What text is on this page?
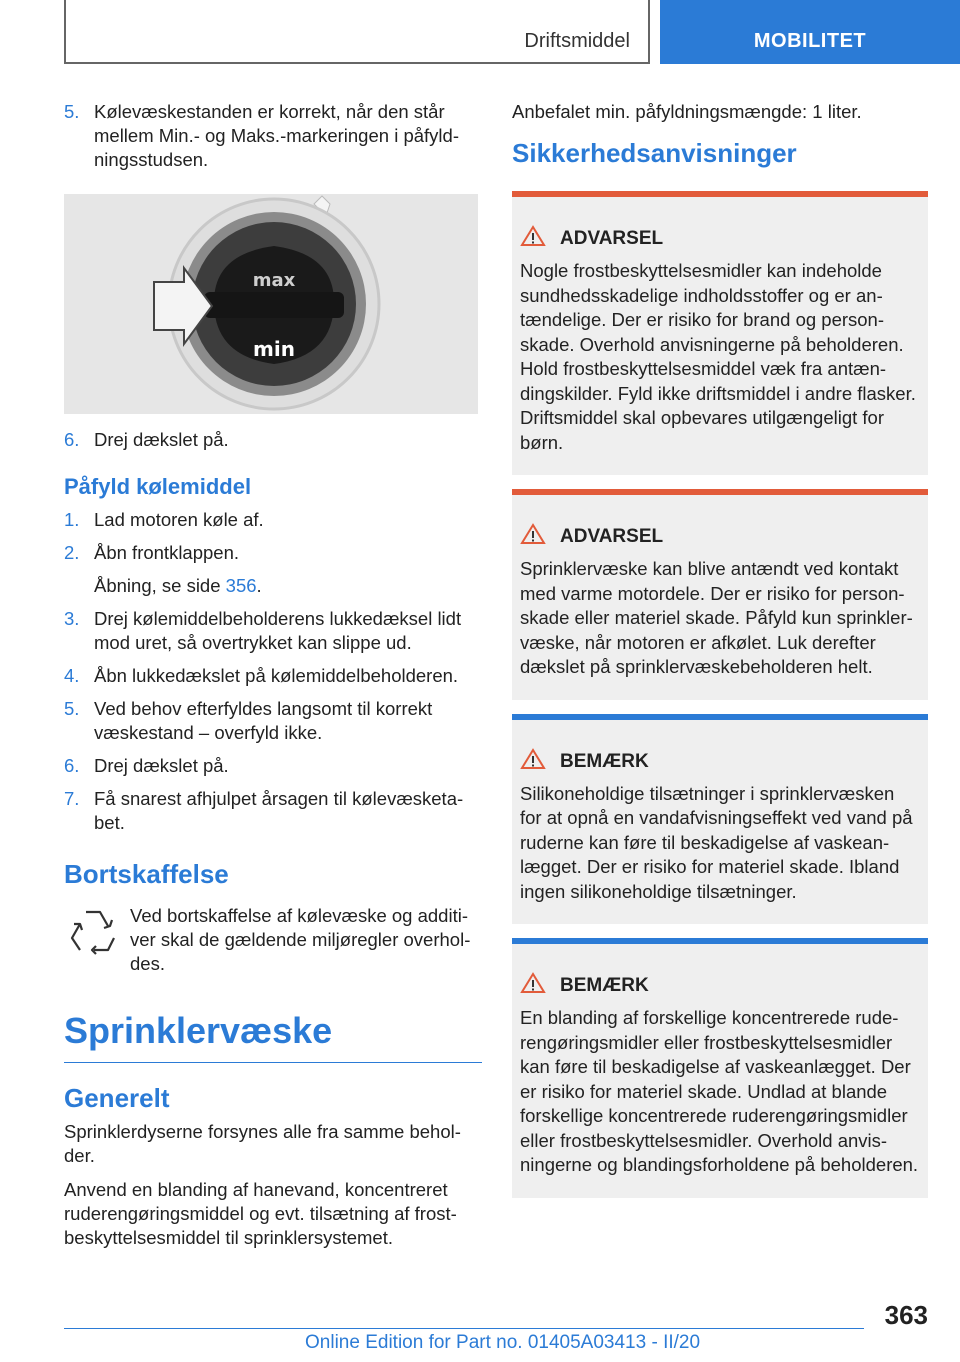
Driftsmiddel	MOBILITET
5. Kølevæskestanden er korrekt, når den står mellem Min.- og Maks.-markeringen i påfyldningsstudsen.
max
min
6. Drej dækslet på.
Påfyld kølemiddel
1. Lad motoren køle af.
2. Åbn frontklappen.
Åbning, se side 356.
3. Drej kølemiddelbeholderens lukkedæksel lidt mod uret, så overtrykket kan slippe ud.
4. Åbn lukkedækslet på kølemiddelbeholderen.
5. Ved behov efterfyldes langsomt til korrekt væskestand – overfyld ikke.
6. Drej dækslet på.
7. Få snarest afhjulpet årsagen til kølevæsketabet.
Bortskaffelse
Ved bortskaffelse af kølevæske og additiver skal de gældende miljøregler overholdes.
Sprinklervæske
Generelt

Sprinklerdyserne forsynes alle fra samme beholder.

Anvend en blanding af hanevand, koncentreret ruderengøringsmiddel og evt. tilsætning af frostbeskyttelsesmiddel til sprinklersystemet.

Anbefalet min. påfyldningsmængde: 1 liter.

Sikkerhedsanvisninger
ADVARSEL
Nogle frostbeskyttelsesmidler kan indeholde sundhedsskadelige indholdsstoffer og er antændelige. Der er risiko for brand og personskade. Overhold anvisningerne på beholderen. Hold frostbeskyttelsesmiddel væk fra antændingskilder. Fyld ikke driftsmiddel i andre flasker. Driftsmiddel skal opbevares utilgængeligt for børn.
ADVARSEL
Sprinklervæske kan blive antændt ved kontakt med varme motordele. Der er risiko for personskade eller materiel skade. Påfyld kun sprinklervæske, når motoren er afkølet. Luk derefter dækslet på sprinklervæskebeholderen helt.
BEMÆRK
Silikoneholdige tilsætninger i sprinklervæsken for at opnå en vandafvisningseffekt ved vand på ruderne kan føre til beskadigelse af vaskeanlægget. Der er risiko for materiel skade. Ibland ingen silikoneholdige tilsætninger.
BEMÆRK
En blanding af forskellige koncentrerede ruderengøringsmidler eller frostbeskyttelsesmidler kan føre til beskadigelse af vaskeanlægget. Der er risiko for materiel skade. Undlad at blande forskellige koncentrerede ruderengøringsmidler eller frostbeskyttelsesmidler. Overhold anvisningerne og blandingsforholdene på beholderen.
363
Online Edition for Part no. 01405A03413 - II/20
